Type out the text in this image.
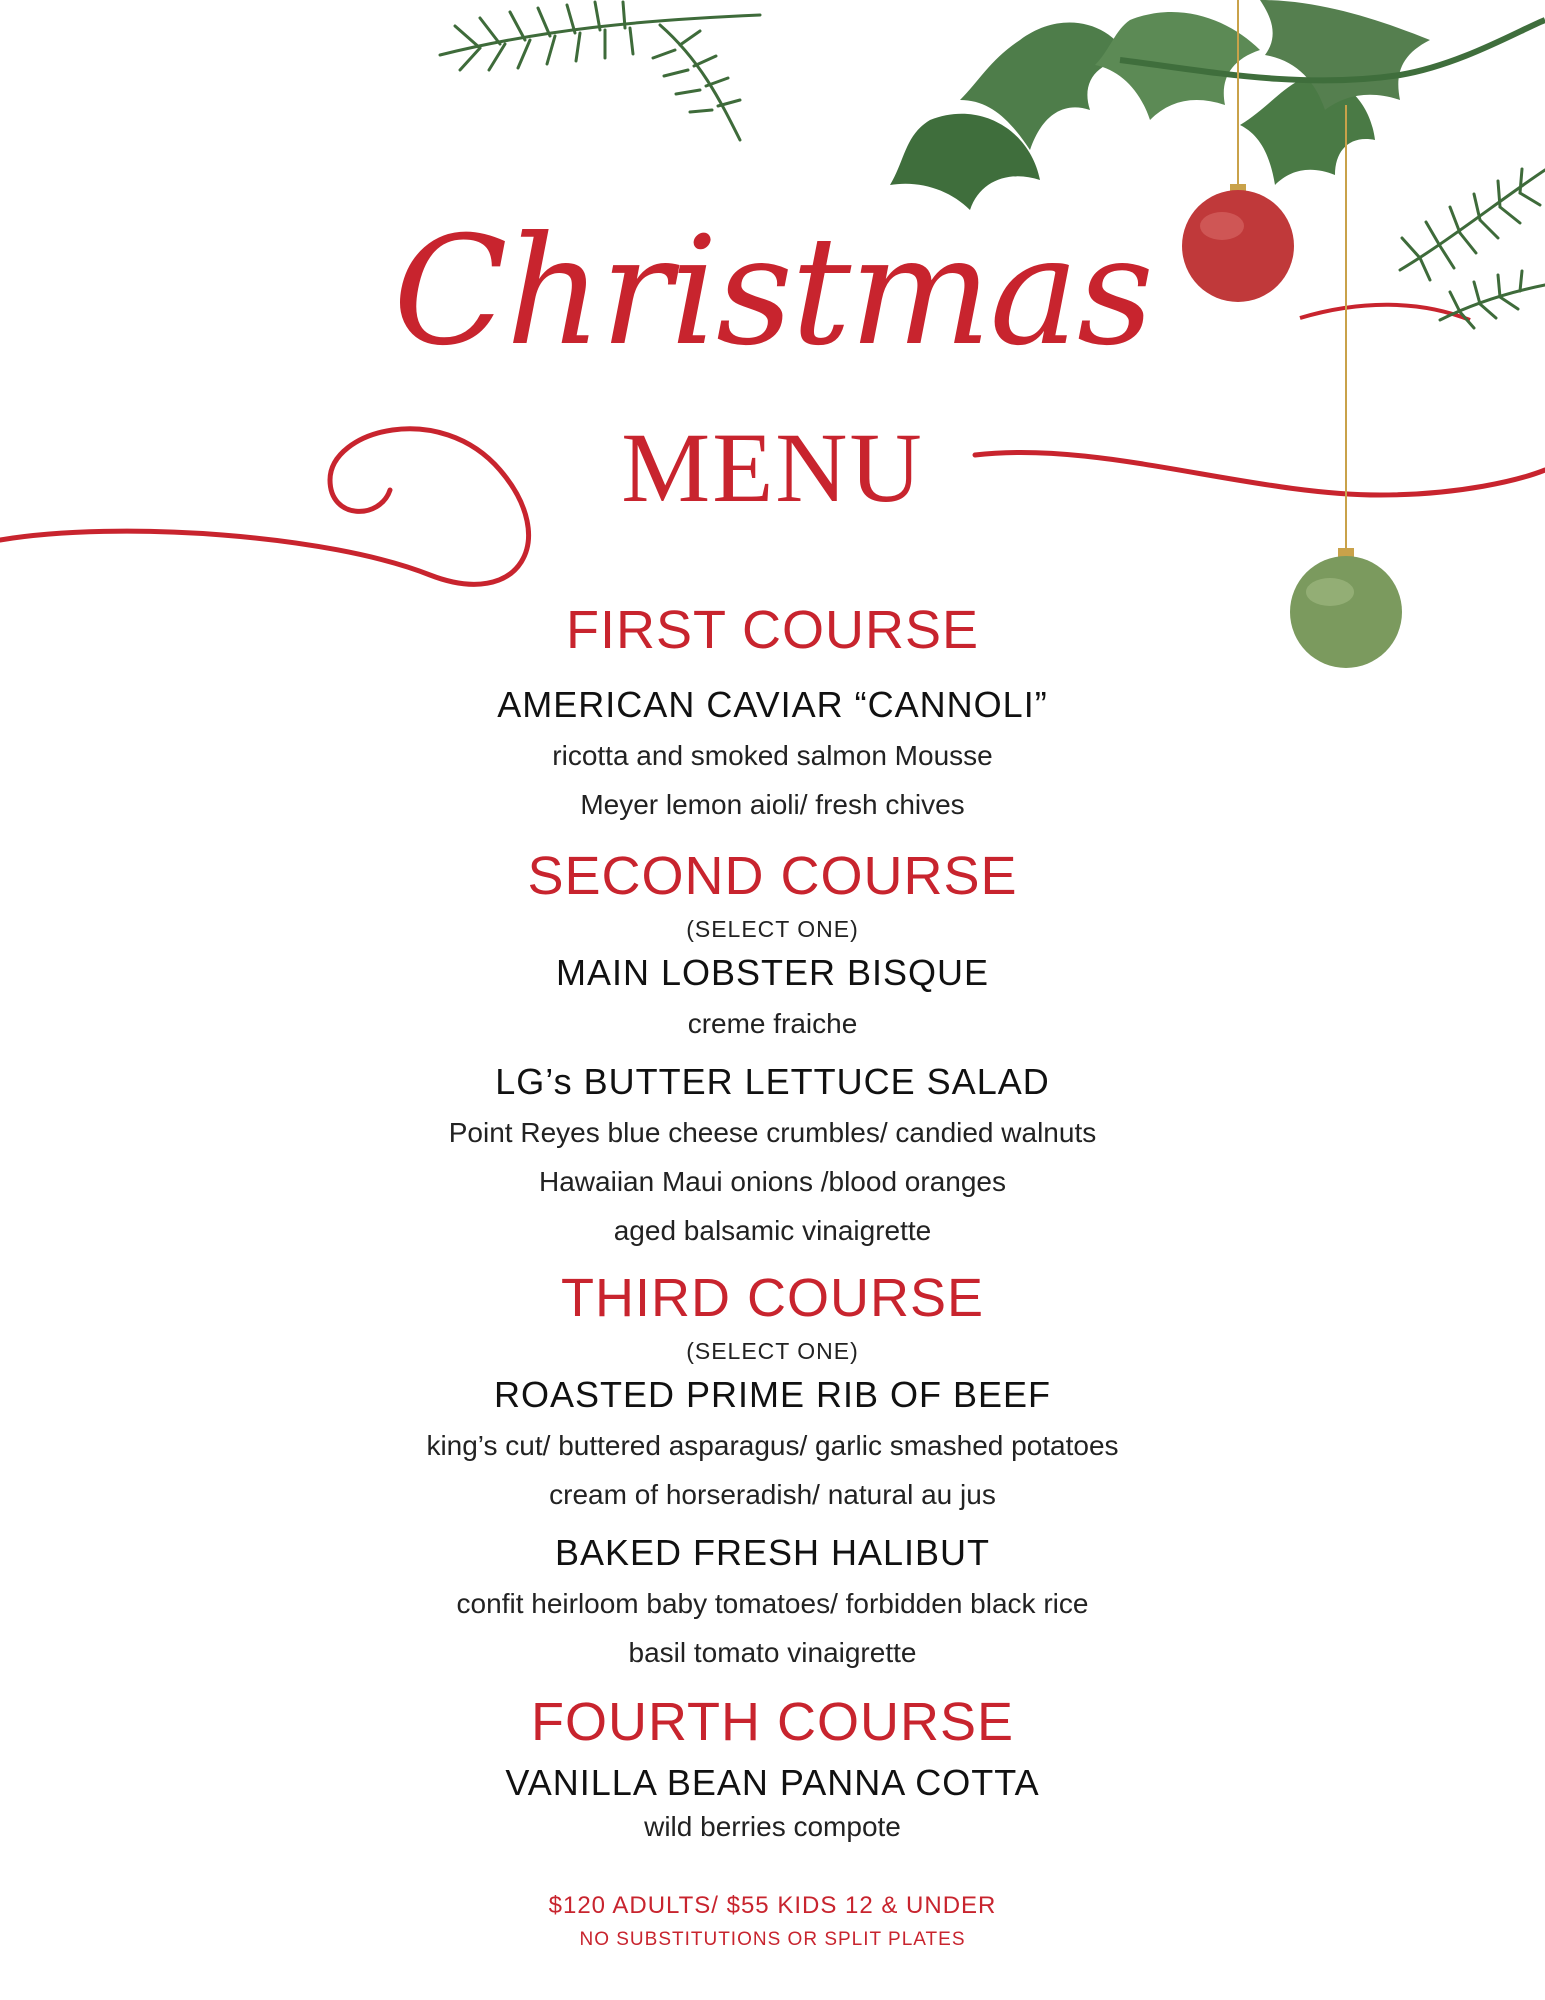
Christmas
MENU
FIRST COURSE
AMERICAN CAVIAR “CANNOLI”
ricotta and smoked salmon Mousse
Meyer lemon aioli/ fresh chives
SECOND COURSE
(SELECT ONE)
MAIN LOBSTER BISQUE
creme fraiche
LG’s BUTTER LETTUCE SALAD
Point Reyes blue cheese crumbles/ candied walnuts
Hawaiian Maui onions /blood oranges
aged balsamic vinaigrette
THIRD COURSE
(SELECT ONE)
ROASTED PRIME RIB OF BEEF
king’s cut/ buttered asparagus/ garlic smashed potatoes
cream of horseradish/ natural au jus
BAKED FRESH HALIBUT
confit heirloom baby tomatoes/ forbidden black rice
basil tomato vinaigrette
FOURTH COURSE
VANILLA BEAN PANNA COTTA
wild berries compote
$120 ADULTS/ $55 KIDS 12 & UNDER
NO SUBSTITUTIONS OR SPLIT PLATES
